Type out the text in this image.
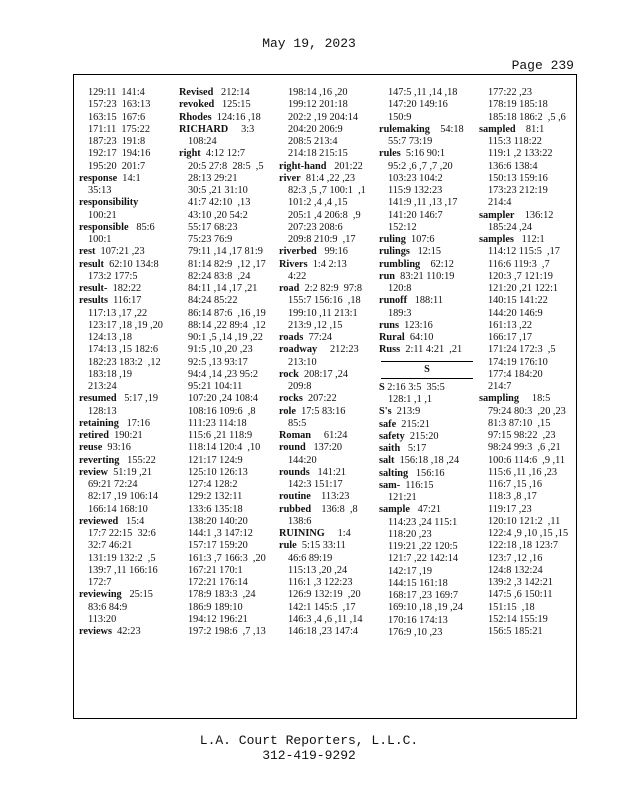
May 19, 2023
Page 239
129:11  141:4
157:23  163:13
163:15  167:6
171:11  175:22
187:23  191:8
192:17  194:16
195:20  201:7
response  14:1
35:13
responsibility
100:21
responsible   85:6
100:1
rest  107:21 ,23
result  62:10 134:8
173:2 177:5
result-  182:22
results  116:17
117:13 ,17 ,22
123:17 ,18 ,19 ,20
124:13 ,18
174:13 ,15 182:6
182:23 183:2  ,12
183:18 ,19
213:24
resumed   5:17 ,19
128:13
retaining   17:16
retired  190:21
reuse  93:16
reverting   155:22
review  51:19 ,21
69:21 72:24
82:17 ,19 106:14
166:14 168:10
reviewed   15:4
17:7 22:15  32:6
32:7 46:21
131:19 132:2  ,5
139:7 ,11 166:16
172:7
reviewing   25:15
83:6 84:9
113:20
reviews  42:23
Revised   212:14
revoked   125:15
Rhodes  124:16 ,18
RICHARD     3:3
108:24
right  4:12 12:7
20:5 27:8  28:5  ,5
28:13 29:21
30:5 ,21 31:10
41:7 42:10  ,13
43:10 ,20 54:2
55:17 68:23
75:23 76:9
79:11 ,14 ,17 81:9
81:14 82:9  ,12 ,17
82:24 83:8  ,24
84:11 ,14 ,17 ,21
84:24 85:22
86:14 87:6  ,16 ,19
88:14 ,22 89:4  ,12
90:1 ,5 ,14 ,19 ,22
91:5 ,10 ,20 ,23
92:5 ,13 93:17
94:4 ,14 ,23 95:2
95:21 104:11
107:20 ,24 108:4
108:16 109:6  ,8
111:23 114:18
115:6 ,21 118:9
118:14 120:4  ,10
121:17 124:9
125:10 126:13
127:4 128:2
129:2 132:11
133:6 135:18
138:20 140:20
144:1 ,3 147:12
157:17 159:20
161:3 ,7 166:3  ,20
167:21 170:1
172:21 176:14
178:9 183:3  ,24
186:9 189:10
194:12 196:21
197:2 198:6  ,7 ,13
198:14 ,16 ,20
199:12 201:18
202:2 ,19 204:14
204:20 206:9
208:5 213:4
214:18 215:15
right-hand   201:22
river  81:4 ,22 ,23
82:3 ,5 ,7 100:1  ,1
101:2 ,4 ,4 ,15
205:1 ,4 206:8  ,9
207:23 208:6
209:8 210:9  ,17
riverbed   99:16
Rivers  1:4 2:13
4:22
road  2:2 82:9  97:8
155:7 156:16  ,18
199:10 ,11 213:1
213:9 ,12 ,15
roads  77:24
roadway     212:23
213:10
rock  208:17 ,24
209:8
rocks  207:22
role  17:5 83:16
85:5
Roman     61:24
round   137:20
144:20
rounds   141:21
142:3 151:17
routine    113:23
rubbed    136:8  ,8
138:6
RUINING     1:4
rule  5:15 33:11
46:6 89:19
115:13 ,20 ,24
116:1 ,3 122:23
126:9 132:19  ,20
142:1 145:5  ,17
146:3 ,4 ,6 ,11 ,14
146:18 ,23 147:4
147:5 ,11 ,14 ,18
147:20 149:16
150:9
rulemaking    54:18
55:7 73:19
rules  5:16 90:1
95:2 ,6 ,7 ,7 ,20
103:23 104:2
115:9 132:23
141:9 ,11 ,13 ,17
141:20 146:7
152:12
ruling  107:6
rulings   12:15
rumbling    62:12
run  83:21 110:19
120:8
runoff   188:11
189:3
runs  123:16
Rural  64:10
Russ  2:11 4:21  ,21
S
S 2:16 3:5  35:5
128:1 ,1 ,1
S's  213:9
safe  215:21
safety  215:20
saith   5:17
salt  156:18 ,18 ,24
salting   156:16
sam-  116:15
121:21
sample   47:21
114:23 ,24 115:1
118:20 ,23
119:21 ,22 120:5
121:7 ,22 142:14
142:17 ,19
144:15 161:18
168:17 ,23 169:7
169:10 ,18 ,19 ,24
170:16 174:13
176:9 ,10 ,23
177:22 ,23
178:19 185:18
185:18 186:2  ,5 ,6
sampled    81:1
115:3 118:22
119:1 ,2 133:22
136:6 138:4
150:13 159:16
173:23 212:19
214:4
sampler    136:12
185:24 ,24
samples   112:1
114:12 115:5  ,17
116:6 119:3  ,7
120:3 ,7 121:19
121:20 ,21 122:1
140:15 141:22
144:20 146:9
161:13 ,22
166:17 ,17
171:24 172:3  ,5
174:19 176:10
177:4 184:20
214:7
sampling     18:5
79:24 80:3  ,20 ,23
81:3 87:10  ,15
97:15 98:22  ,23
98:24 99:3  ,6 ,21
100:6 114:6  ,9 ,11
115:6 ,11 ,16 ,23
116:7 ,15 ,16
118:3 ,8 ,17
119:17 ,23
120:10 121:2  ,11
122:4 ,9 ,10 ,15 ,15
122:18 ,18 123:7
123:7 ,12 ,16
124:8 132:24
139:2 ,3 142:21
147:5 ,6 150:11
151:15  ,18
152:14 155:19
156:5 185:21
L.A. Court Reporters, L.L.C.
312-419-9292
